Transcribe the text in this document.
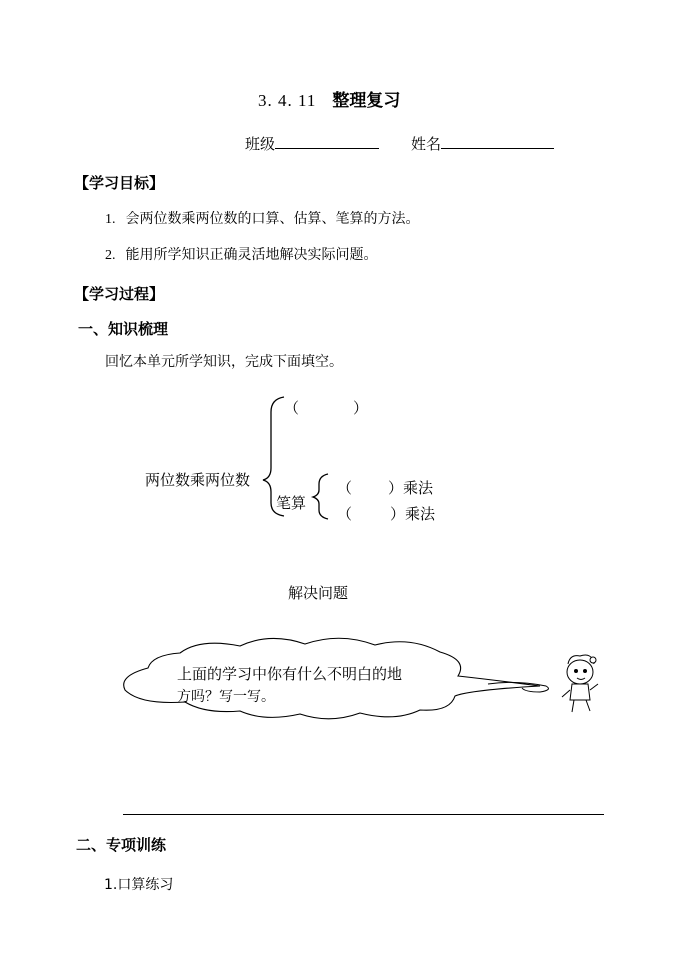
3. 4. 11 整理复习
班级	姓名
【学习目标】
1. 会两位数乘两位数的口算、估算、笔算的方法。
2. 能用所学知识正确灵活地解决实际问题。
【学习过程】
一、知识梳理
回忆本单元所学知识，完成下面填空。
（	）
两位数乘两位数
笔算
（ ）乘法
（	）乘法
解决问题
上面的学习中你有什么不明白的地
方吗？写一写。
二、专项训练
1.口算练习
